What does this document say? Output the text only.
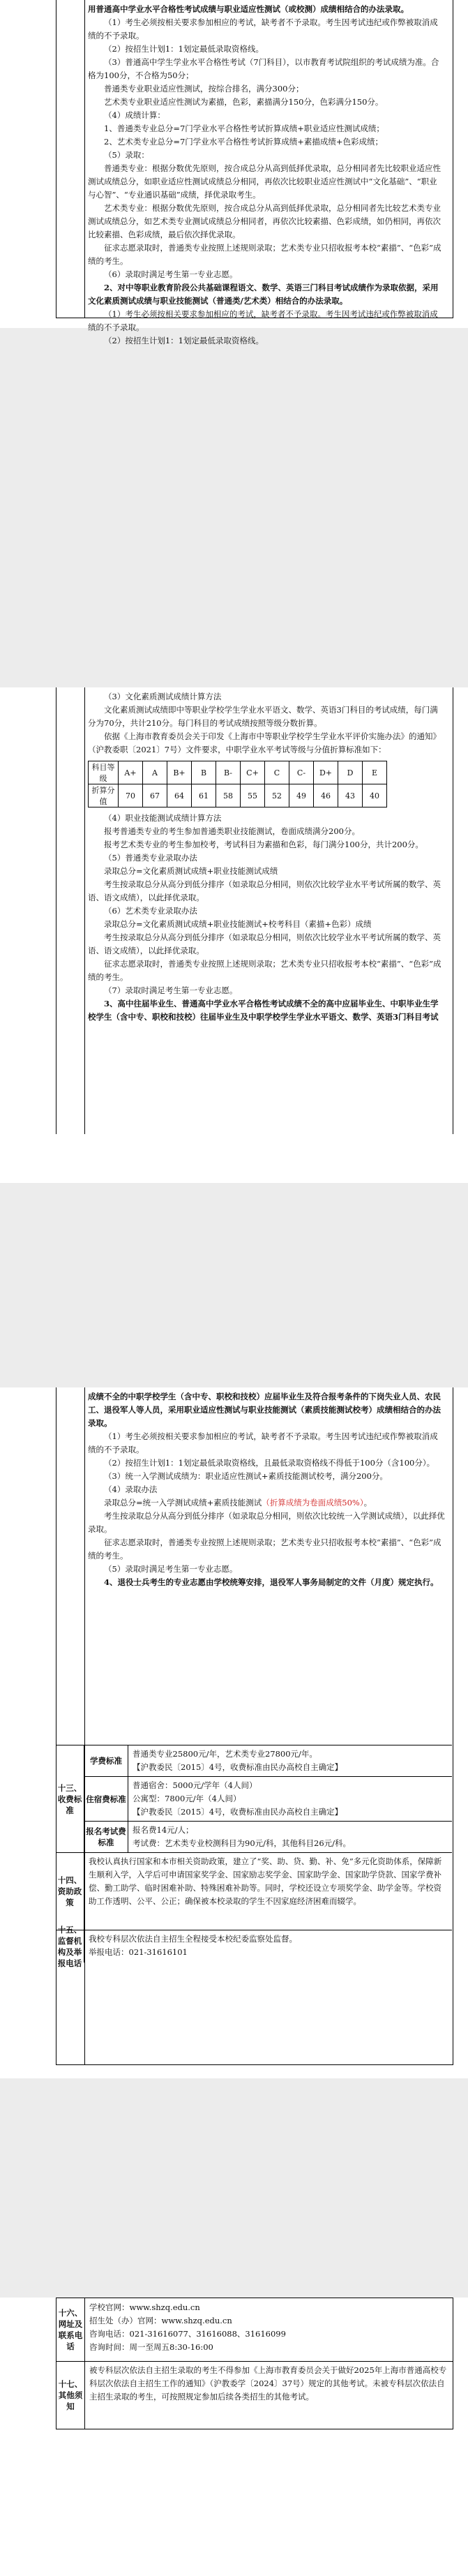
用普通高中学业水平合格性考试成绩与职业适应性测试（或校测）成绩相结合的办法录取。

（1）考生必须按相关要求参加相应的考试，缺考者不予录取。考生因考试违纪或作弊被取消成绩的不予录取。

（2）按招生计划1：1划定最低录取资格线。

（3）普通高中学生学业水平合格性考试（7门科目），以市教育考试院组织的考试成绩为准。合格为100分，不合格为50分；

普通类专业职业适应性测试，按综合排名，满分300分；

艺术类专业职业适应性测试为素描，色彩，素描满分150分，色彩满分150分。

（4）成绩计算：

1、普通类专业总分=7门学业水平合格性考试折算成绩+职业适应性测试成绩；

2、艺术类专业总分=7门学业水平合格性考试折算成绩+素描成绩+色彩成绩；

（5）录取：

普通类专业：根据分数优先原则，按合成总分从高到低择优录取，总分相同者先比较职业适应性测试成绩总分，如职业适应性测试成绩总分相同，再依次比较职业适应性测试中“文化基础”、“职业与心智”、“专业通识基础”成绩，择优录取考生。

艺术类专业：根据分数优先原则，按合成总分从高到低择优录取，总分相同者先比较艺术类专业测试成绩总分，如艺术类专业测试成绩总分相同者，再依次比较素描、色彩成绩，如仍相同，再依次比较素描、色彩成绩，最后依次择优录取。

征求志愿录取时，普通类专业按照上述规则录取；艺术类专业只招收报考本校“素描”、“色彩”成绩的考生。

（6）录取时满足考生第一专业志愿。

2、对中等职业教育阶段公共基础课程语文、数学、英语三门科目考试成绩作为录取依据，采用文化素质测试成绩与职业技能测试（普通类/艺术类）相结合的办法录取。

（1）考生必须按相关要求参加相应的考试，缺考者不予录取。考生因考试违纪或作弊被取消成绩的不予录取。

（2）按招生计划1：1划定最低录取资格线。

（3）文化素质测试成绩计算方法

文化素质测试成绩即中等职业学校学生学业水平语文、数学、英语3门科目的考试成绩，每门满分为70分，共计210分。每门科目的考试成绩按照等级分数折算。

依据《上海市教育委员会关于印发《上海市中等职业学校学生学业水平评价实施办法》的通知》（沪教委职〔2021〕7号）文件要求，中职学业水平考试等级与分值折算标准如下：

科目等级	A+	A	B+	B	B-	C+	C	C-	D+	D	E
折算分值	70	67	64	61	58	55	52	49	46	43	40

（4）职业技能测试成绩计算方法

报考普通类专业的考生参加普通类职业技能测试，卷面成绩满分200分。

报考艺术类专业的考生参加校考，考试科目为素描和色彩，每门满分100分，共计200分。

（5）普通类专业录取办法

录取总分=文化素质测试成绩+职业技能测试成绩

考生按录取总分从高分到低分排序（如录取总分相同，则依次比较学业水平考试所属的数学、英语、语文成绩），以此择优录取。

（6）艺术类专业录取办法

录取总分=文化素质测试成绩+职业技能测试+校考科目（素描+色彩）成绩

考生按录取总分从高分到低分排序（如录取总分相同，则依次比较学业水平考试所属的数学、英语、语文成绩），以此择优录取。

征求志愿录取时，普通类专业按照上述规则录取；艺术类专业只招收报考本校“素描”、“色彩”成绩的考生。

（7）录取时满足考生第一专业志愿。

3、高中往届毕业生、普通高中学业水平合格性考试成绩不全的高中应届毕业生、中职毕业生学校学生（含中专、职校和技校）往届毕业生及中职学校学生学业水平语文、数学、英语3门科目考试

成绩不全的中职学校学生（含中专、职校和技校）应届毕业生及符合报考条件的下岗失业人员、农民工、退役军人等人员，采用职业适应性测试与职业技能测试（素质技能测试校考）成绩相结合的办法录取。

（1）考生必须按相关要求参加相应的考试，缺考者不予录取。考生因考试违纪或作弊被取消成绩的不予录取。

（2）按招生计划1：1划定最低录取资格线，且最低录取资格线不得低于100分（含100分）。

（3）统一入学测试成绩为：职业适应性测试+素质技能测试校考，满分200分。

（4）录取办法

录取总分=统一入学测试成绩+素质技能测试（折算成绩为卷面成绩50%）。

考生按录取总分从高分到低分排序（如录取总分相同，则依次比较统一入学测试成绩），以此择优录取。

征求志愿录取时，普通类专业按照上述规则录取；艺术类专业只招收报考本校“素描”、“色彩”成绩的考生。

（5）录取时满足考生第一专业志愿。

4、退役士兵考生的专业志愿由学校统筹安排，退役军人事务局制定的文件（月度）规定执行。

十三、收费标准
学费标准
普通类专业25800元/年，艺术类专业27800元/年。
【沪教委民〔2015〕4号，收费标准由民办高校自主确定】
住宿费标准
普通宿舍：5000元/学年（4人间）
公寓型：7800元/年（4人间）
【沪教委民〔2015〕4号，收费标准由民办高校自主确定】
报名考试费标准
报名费14元/人；
考试费：艺术类专业校测科目为90元/科，其他科目26元/科。
十四、资助政策
我校认真执行国家和本市相关资助政策，建立了“奖、助、贷、勤、补、免”多元化资助体系，保障新生顺利入学，入学后可申请国家奖学金、国家励志奖学金、国家助学金、国家助学贷款、国家学费补偿、勤工助学、临时困难补助、特殊困难补助等。同时，学校还设立专项奖学金、助学金等。学校资助工作透明、公平、公正；确保被本校录取的学生不因家庭经济困难而辍学。
十五、监督机构及举报电话
我校专科层次依法自主招生全程接受本校纪委监察处监督。
举报电话：021-31616101
十六、网址及联系电话
学校官网：www.shzq.edu.cn
招生处（办）官网：www.shzq.edu.cn
咨询电话：021-31616077、31616088、31616099
咨询时间：周一至周五8:30-16:00
十七、其他须知
被专科层次依法自主招生录取的考生不得参加《上海市教育委员会关于做好2025年上海市普通高校专科层次依法自主招生工作的通知》（沪教委学〔2024〕37号）规定的其他考试。未被专科层次依法自主招生录取的考生，可按照规定参加后续各类招生的其他考试。
